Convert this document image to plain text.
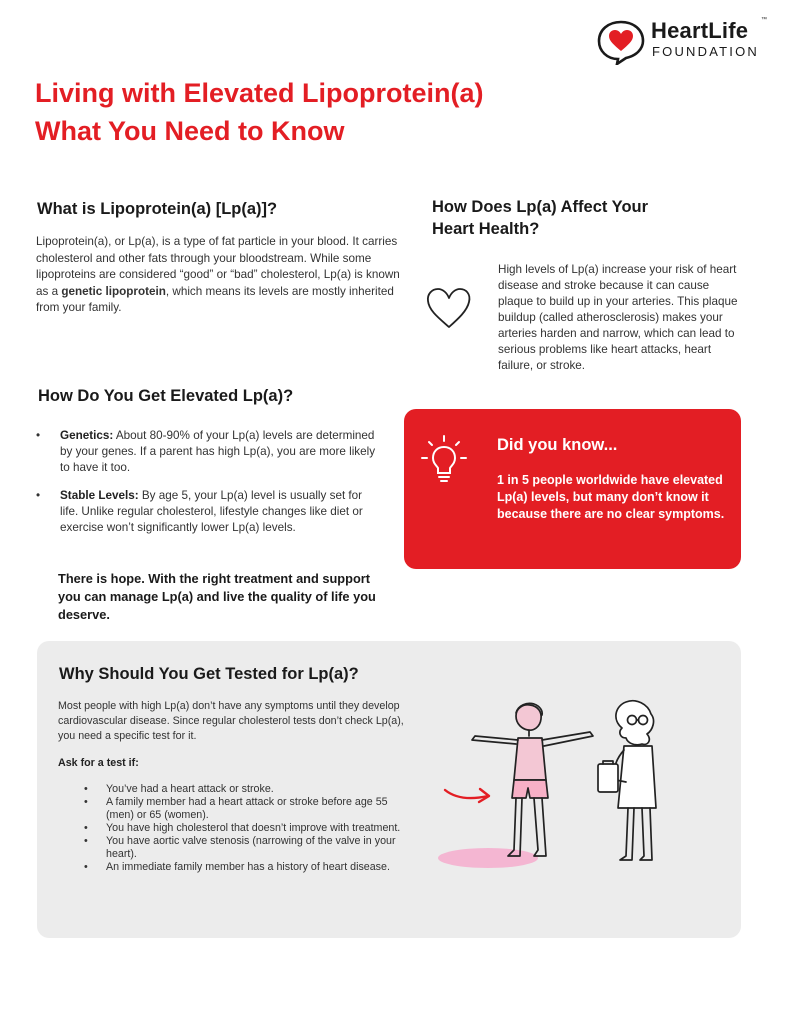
HeartLife ™
FOUNDATION
Living with Elevated Lipoprotein(a)
What You Need to Know
What is Lipoprotein(a) [Lp(a)]?

Lipoprotein(a), or Lp(a), is a type of fat particle in your blood. It carries cholesterol and other fats through your bloodstream. While some lipoproteins are considered “good” or “bad” cholesterol, Lp(a) is known as a genetic lipoprotein, which means its levels are mostly inherited from your family.

How Does Lp(a) Affect Your
Heart Health?

High levels of Lp(a) increase your risk of heart disease and stroke because it can cause plaque to build up in your arteries. This plaque buildup (called atherosclerosis) makes your arteries harden and narrow, which can lead to serious problems like heart attacks, heart failure, or stroke.

How Do You Get Elevated Lp(a)?
• Genetics: About 80-90% of your Lp(a) levels are determined by your genes. If a parent has high Lp(a), you are more likely to have it too.
• Stable Levels: By age 5, your Lp(a) level is usually set for life. Unlike regular cholesterol, lifestyle changes like diet or exercise won’t significantly lower Lp(a) levels.
There is hope. With the right treatment and support you can manage Lp(a) and live the quality of life you deserve.
Did you know...
1 in 5 people worldwide have elevated Lp(a) levels, but many don’t know it because there are no clear symptoms.
Why Should You Get Tested for Lp(a)?

Most people with high Lp(a) don’t have any symptoms until they develop cardiovascular disease. Since regular cholesterol tests don’t check Lp(a), you need a specific test for it.

Ask for a test if:
• You’ve had a heart attack or stroke.
• A family member had a heart attack or stroke before age 55 (men) or 65 (women).
• You have high cholesterol that doesn’t improve with treatment.
• You have aortic valve stenosis (narrowing of the valve in your heart).
• An immediate family member has a history of heart disease.
